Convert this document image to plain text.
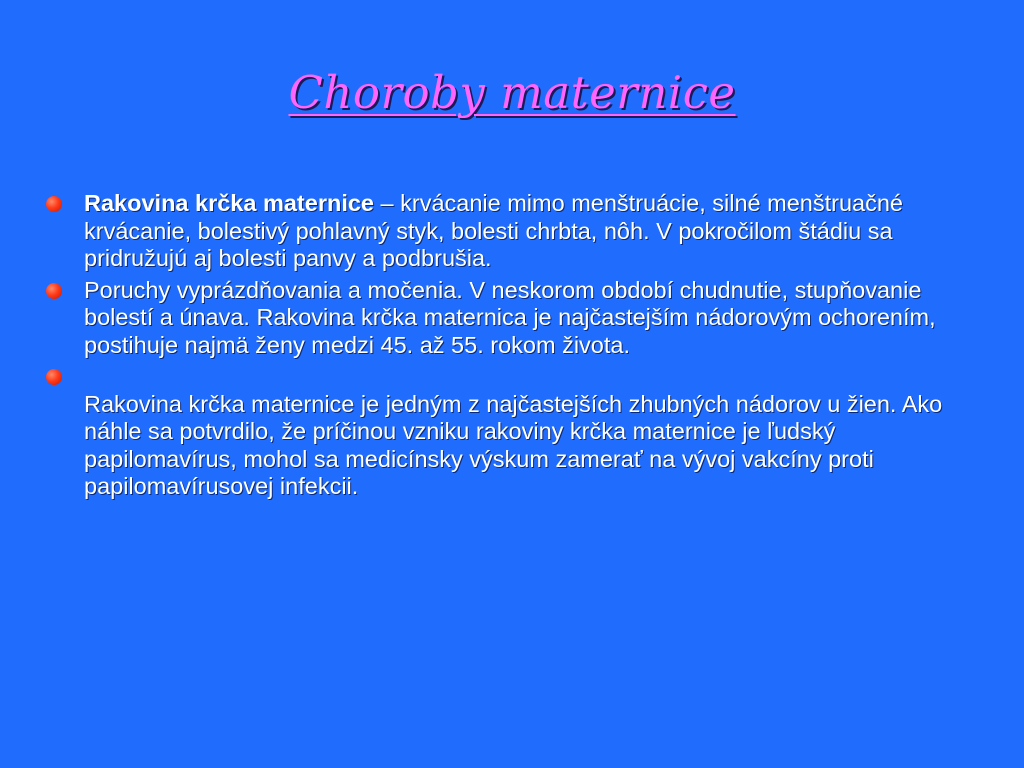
Choroby maternice
Rakovina krčka maternice – krvácanie mimo menštruácie, silné menštruačné krvácanie, bolestivý pohlavný styk, bolesti chrbta, nôh. V pokročilom štádiu sa pridružujú aj bolesti panvy a podbrušia.
Poruchy vyprázdňovania a močenia. V neskorom období chudnutie, stupňovanie bolestí a únava. Rakovina krčka maternica je najčastejším nádorovým ochorením, postihuje najmä ženy medzi 45. až 55. rokom života.
Rakovina krčka maternice je jedným z najčastejších zhubných nádorov u žien. Ako náhle sa potvrdilo, že príčinou vzniku rakoviny krčka maternice je ľudský papilomavírus, mohol sa medicínsky výskum zamerať na vývoj vakcíny proti papilomavírusovej infekcii.
